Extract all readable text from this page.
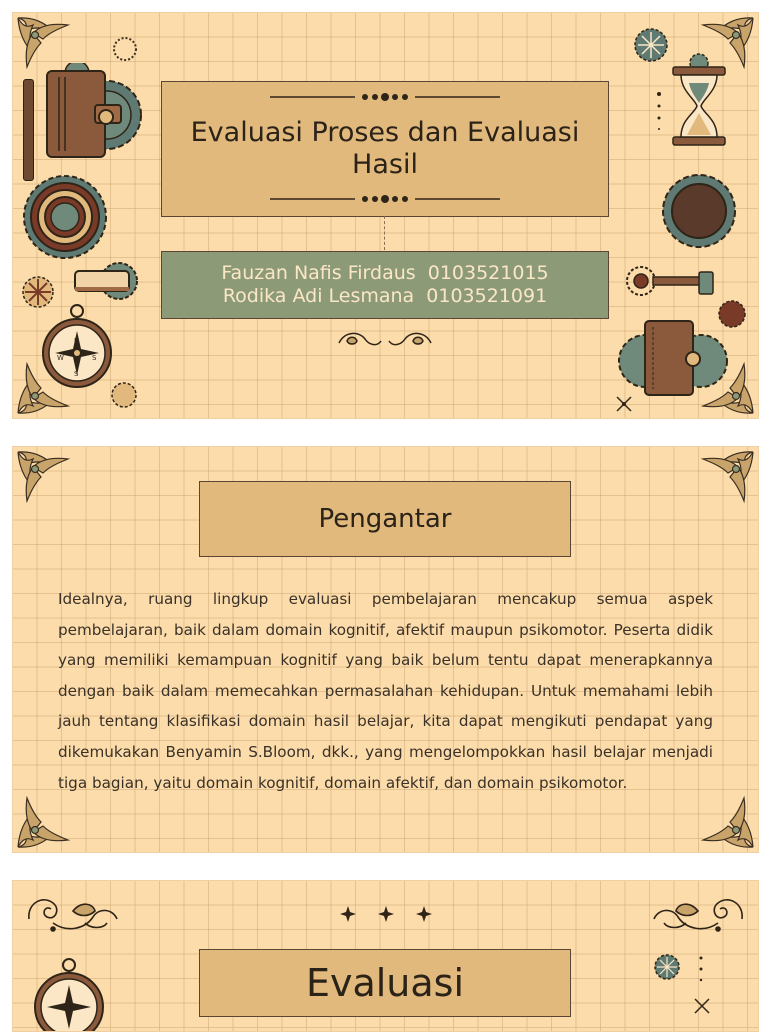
N
S
W	S
Evaluasi Proses dan Evaluasi Hasil
Fauzan Nafis Firdaus  0103521015
Rodika Adi Lesmana  0103521091
Pengantar

Idealnya, ruang lingkup evaluasi pembelajaran mencakup semua aspek pembelajaran, baik dalam domain kognitif, afektif maupun psikomotor. Peserta didik yang memiliki kemampuan kognitif yang baik belum tentu dapat menerapkannya dengan baik dalam memecahkan permasalahan kehidupan. Untuk memahami lebih jauh tentang klasifikasi domain hasil belajar, kita dapat mengikuti pendapat yang dikemukakan Benyamin S.Bloom, dkk., yang mengelompokkan hasil belajar menjadi tiga bagian, yaitu domain kognitif, domain afektif, dan domain psikomotor.

Evaluasi
